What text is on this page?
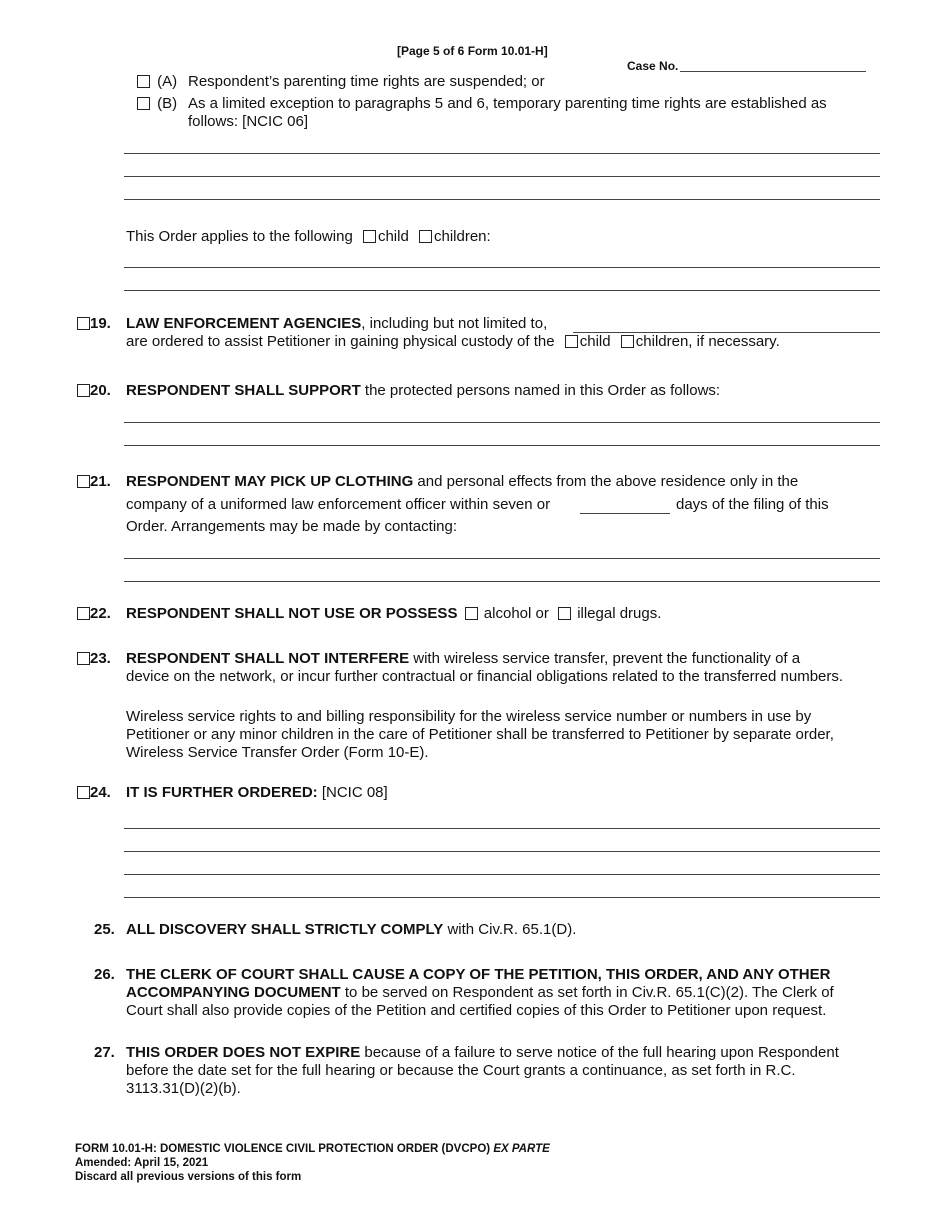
[Page 5 of 6 Form 10.01-H]
Case No.
(A) Respondent’s parenting time rights are suspended; or
(B) As a limited exception to paragraphs 5 and 6, temporary parenting time rights are established as
follows: [NCIC 06]
This Order applies to the following child children:
19. LAW ENFORCEMENT AGENCIES, including but not limited to,
are ordered to assist Petitioner in gaining physical custody of the child children, if necessary.
20. RESPONDENT SHALL SUPPORT the protected persons named in this Order as follows:
21. RESPONDENT MAY PICK UP CLOTHING and personal effects from the above residence only in the
company of a uniformed law enforcement officer within seven or	days of the filing of this
Order. Arrangements may be made by contacting:
22. RESPONDENT SHALL NOT USE OR POSSESS alcohol or illegal drugs.
23. RESPONDENT SHALL NOT INTERFERE with wireless service transfer, prevent the functionality of a
device on the network, or incur further contractual or financial obligations related to the transferred numbers.
Wireless service rights to and billing responsibility for the wireless service number or numbers in use by
Petitioner or any minor children in the care of Petitioner shall be transferred to Petitioner by separate order,
Wireless Service Transfer Order (Form 10-E).
24. IT IS FURTHER ORDERED: [NCIC 08]
25. ALL DISCOVERY SHALL STRICTLY COMPLY with Civ.R. 65.1(D).
26. THE CLERK OF COURT SHALL CAUSE A COPY OF THE PETITION, THIS ORDER, AND ANY OTHER
ACCOMPANYING DOCUMENT to be served on Respondent as set forth in Civ.R. 65.1(C)(2). The Clerk of
Court shall also provide copies of the Petition and certified copies of this Order to Petitioner upon request.
27. THIS ORDER DOES NOT EXPIRE because of a failure to serve notice of the full hearing upon Respondent
before the date set for the full hearing or because the Court grants a continuance, as set forth in R.C.
3113.31(D)(2)(b).
FORM 10.01-H: DOMESTIC VIOLENCE CIVIL PROTECTION ORDER (DVCPO) EX PARTE
Amended: April 15, 2021
Discard all previous versions of this form
